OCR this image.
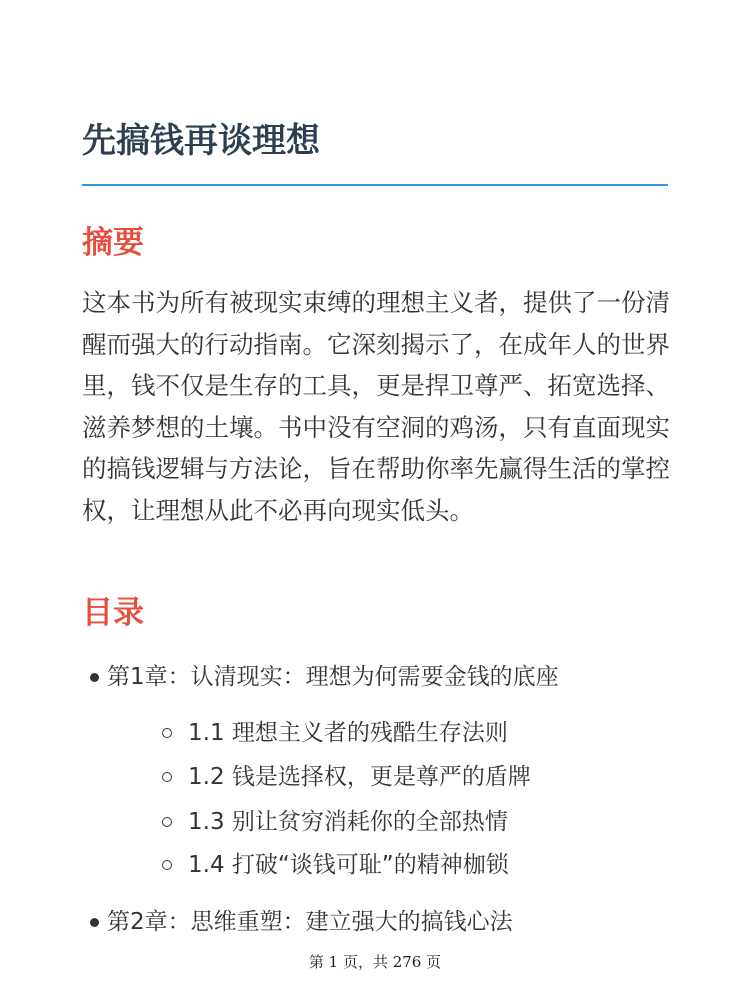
先搞钱再谈理想
摘要

这本书为所有被现实束缚的理想主义者，提供了一份清醒而强大的行动指南。它深刻揭示了，在成年人的世界里，钱不仅是生存的工具，更是捍卫尊严、拓宽选择、滋养梦想的土壤。书中没有空洞的鸡汤，只有直面现实的搞钱逻辑与方法论，旨在帮助你率先赢得生活的掌控权，让理想从此不必再向现实低头。

目录
第1章：认清现实：理想为何需要金钱的底座
1.1 理想主义者的残酷生存法则
1.2 钱是选择权，更是尊严的盾牌
1.3 别让贫穷消耗你的全部热情
1.4 打破“谈钱可耻”的精神枷锁
第2章：思维重塑：建立强大的搞钱心法
第 1 页，共 276 页
